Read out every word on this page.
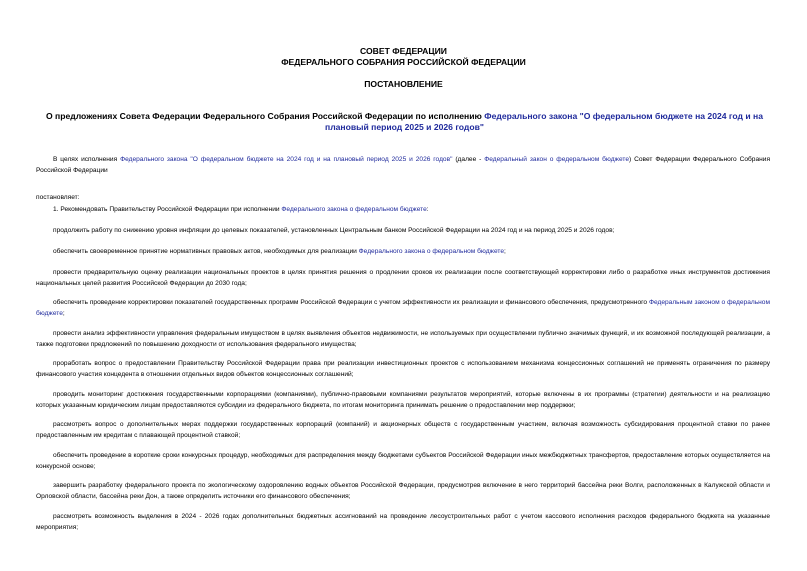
СОВЕТ ФЕДЕРАЦИИ
ФЕДЕРАЛЬНОГО СОБРАНИЯ РОССИЙСКОЙ ФЕДЕРАЦИИ
ПОСТАНОВЛЕНИЕ
О предложениях Совета Федерации Федерального Собрания Российской Федерации по исполнению Федерального закона "О федеральном бюджете на 2024 год и на плановый период 2025 и 2026 годов"
В целях исполнения Федерального закона "О федеральном бюджете на 2024 год и на плановый период 2025 и 2026 годов" (далее - Федеральный закон о федеральном бюджете) Совет Федерации Федерального Собрания Российской Федерации
постановляет:
1. Рекомендовать Правительству Российской Федерации при исполнении Федерального закона о федеральном бюджете:
продолжить работу по снижению уровня инфляции до целевых показателей, установленных Центральным банком Российской Федерации на 2024 год и на период 2025 и 2026 годов;
обеспечить своевременное принятие нормативных правовых актов, необходимых для реализации Федерального закона о федеральном бюджете;
провести предварительную оценку реализации национальных проектов в целях принятия решения о продлении сроков их реализации после соответствующей корректировки либо о разработке иных инструментов достижения национальных целей развития Российской Федерации до 2030 года;
обеспечить проведение корректировки показателей государственных программ Российской Федерации с учетом эффективности их реализации и финансового обеспечения, предусмотренного Федеральным законом о федеральном бюджете;
провести анализ эффективности управления федеральным имуществом в целях выявления объектов недвижимости, не используемых при осуществлении публично значимых функций, и их возможной последующей реализации, а также подготовки предложений по повышению доходности от использования федерального имущества;
проработать вопрос о предоставлении Правительству Российской Федерации права при реализации инвестиционных проектов с использованием механизма концессионных соглашений не применять ограничения по размеру финансового участия концедента в отношении отдельных видов объектов концессионных соглашений;
проводить мониторинг достижения государственными корпорациями (компаниями), публично-правовыми компаниями результатов мероприятий, которые включены в их программы (стратегии) деятельности и на реализацию которых указанным юридическим лицам предоставляются субсидии из федерального бюджета, по итогам мониторинга принимать решение о предоставлении мер поддержки;
рассмотреть вопрос о дополнительных мерах поддержки государственных корпораций (компаний) и акционерных обществ с государственным участием, включая возможность субсидирования процентной ставки по ранее предоставленным им кредитам с плавающей процентной ставкой;
обеспечить проведение в короткие сроки конкурсных процедур, необходимых для распределения между бюджетами субъектов Российской Федерации иных межбюджетных трансфертов, предоставление которых осуществляется на конкурсной основе;
завершить разработку федерального проекта по экологическому оздоровлению водных объектов Российской Федерации, предусмотрев включение в него территорий бассейна реки Волги, расположенных в Калужской области и Орловской области, бассейна реки Дон, а также определить источники его финансового обеспечения;
рассмотреть возможность выделения в 2024 - 2026 годах дополнительных бюджетных ассигнований на проведение лесоустроительных работ с учетом кассового исполнения расходов федерального бюджета на указанные мероприятия;
